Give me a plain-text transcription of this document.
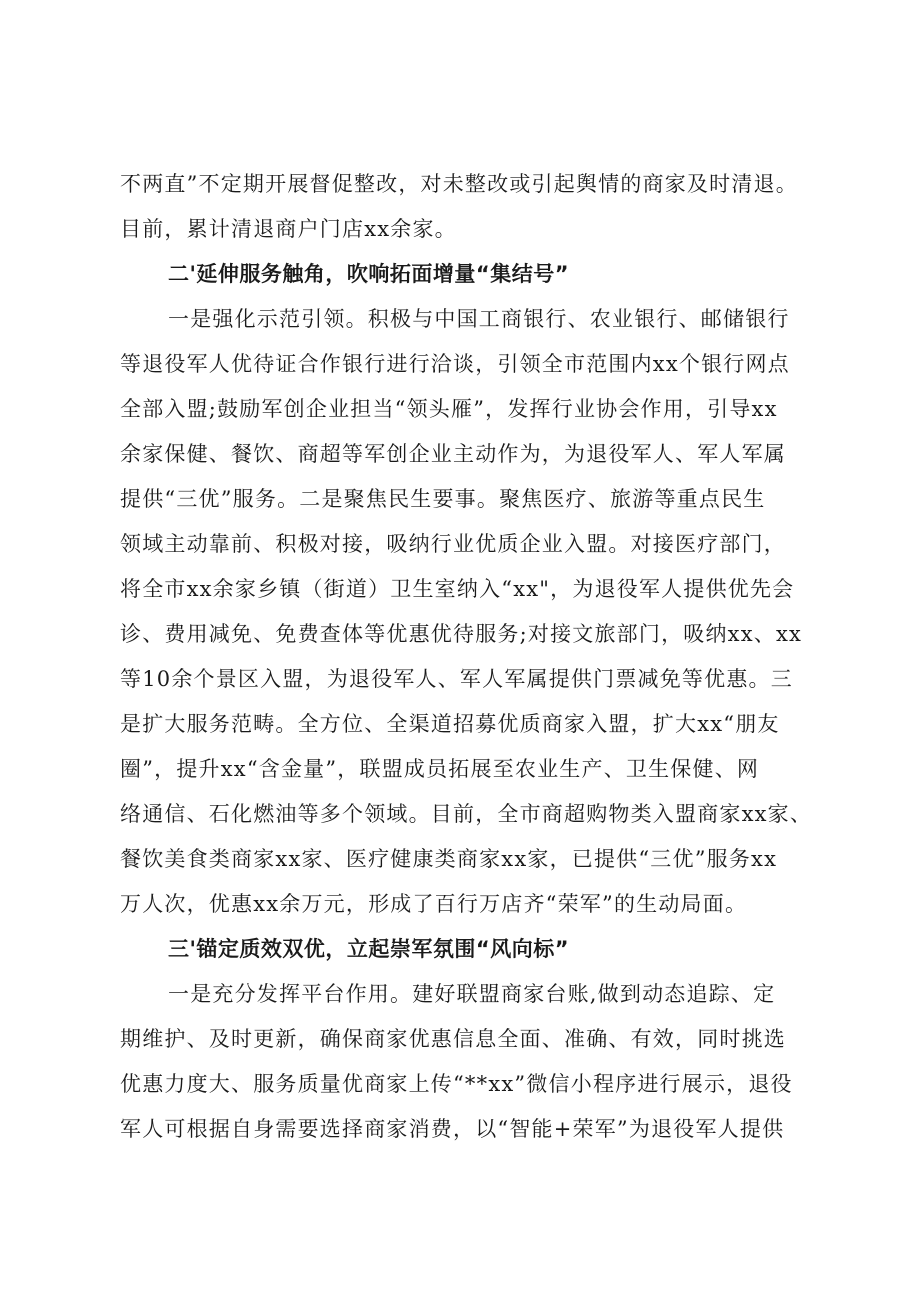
不两直”不定期开展督促整改，对未整改或引起舆情的商家及时清退。
目前，累计清退商户门店xx余家。
二'延伸服务触角，吹响拓面增量“集结号”
一是强化示范引领。积极与中国工商银行、农业银行、邮储银行
等退役军人优待证合作银行进行洽谈，引领全市范围内xx个银行网点
全部入盟;鼓励军创企业担当“领头雁”，发挥行业协会作用，引导xx
余家保健、餐饮、商超等军创企业主动作为，为退役军人、军人军属
提供“三优”服务。二是聚焦民生要事。聚焦医疗、旅游等重点民生
领域主动靠前、积极对接，吸纳行业优质企业入盟。对接医疗部门，
将全市xx余家乡镇（街道）卫生室纳入“xx"，为退役军人提供优先会
诊、费用减免、免费查体等优惠优待服务;对接文旅部门，吸纳xx、xx
等10余个景区入盟，为退役军人、军人军属提供门票减免等优惠。三
是扩大服务范畴。全方位、全渠道招募优质商家入盟，扩大xx“朋友
圈”，提升xx“含金量”，联盟成员拓展至农业生产、卫生保健、网
络通信、石化燃油等多个领域。目前，全市商超购物类入盟商家xx家、
餐饮美食类商家xx家、医疗健康类商家xx家，已提供“三优”服务xx
万人次，优惠xx余万元，形成了百行万店齐“荣军”的生动局面。
三'锚定质效双优，立起崇军氛围“风向标”
一是充分发挥平台作用。建好联盟商家台账,做到动态追踪、定
期维护、及时更新，确保商家优惠信息全面、准确、有效，同时挑选
优惠力度大、服务质量优商家上传“**xx”微信小程序进行展示，退役
军人可根据自身需要选择商家消费，以“智能+荣军”为退役军人提供
